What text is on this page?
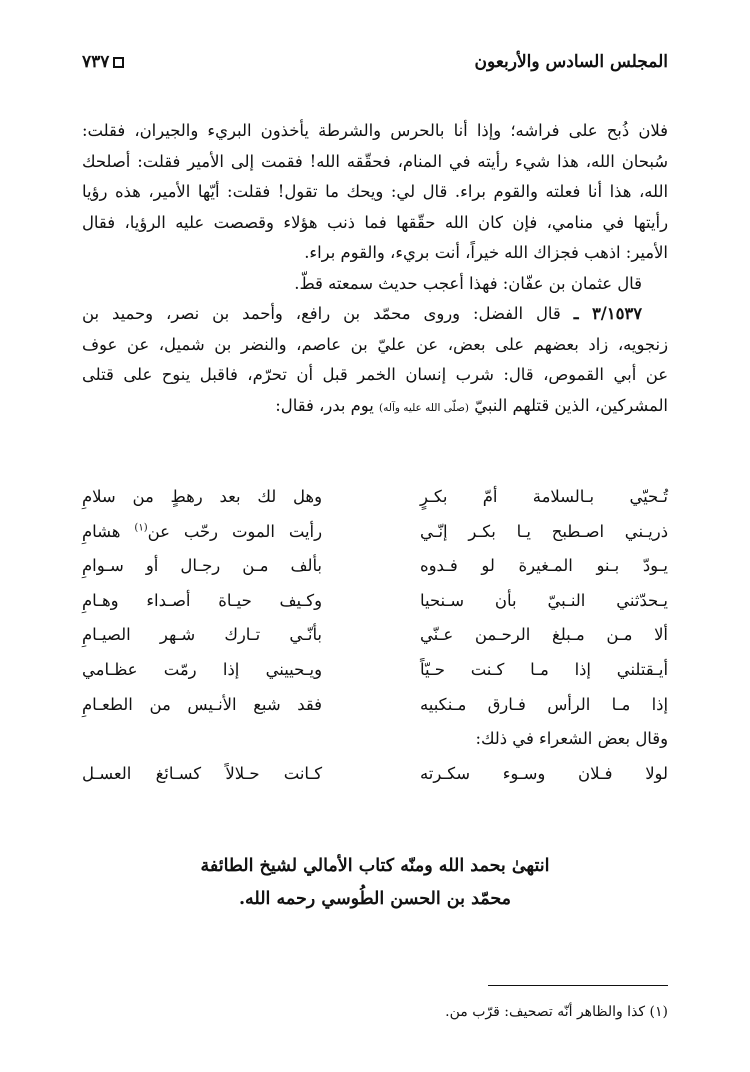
المجلس السادس والأربعون
٧٣٧
فلان ذُبح على فراشه؛ وإذا أنا بالحرس والشرطة يأخذون البريء والجيران، فقلت:
سُبحان الله، هذا شيء رأيته في المنام، فحقّقه الله! فقمت إلى الأمير فقلت: أصلحك
الله، هذا أنا فعلته والقوم براء. قال لي: ويحك ما تقول! فقلت: أيّها الأمير، هذه رؤيا
رأيتها في منامي، فإن كان الله حقّقها فما ذنب هؤلاء وقصصت عليه الرؤيا، فقال
الأمير: اذهب فجزاك الله خيراً، أنت بريء، والقوم براء.
قال عثمان بن عفّان: فهذا أعجب حديث سمعته قطّ.
٣/١٥٣٧ ـ قال الفضل: وروى محمّد بن رافع، وأحمد بن نصر، وحميد بن
زنجويه، زاد بعضهم على بعض، عن عليّ بن عاصم، والنضر بن شميل، عن عوف
عن أبي القموص، قال: شرب إنسان الخمر قبل أن تحرّم، فاقبل ينوح على قتلى
المشركين، الذين قتلهم النبيّ (صلّى الله عليه وآله) يوم بدر، فقال:
تُـحيّي بـالسلامة أمّ بكـرٍ
وهل لك بعد رهطٍ من سلامِ
ذريـني اصـطبح يـا بكـر إنّـي
رأيت الموت رحّب عن$^{(١)}$ هشامِ
يـودّ بـنو المـغيرة لو فـدوه
بألف مـن رجـال أو سـوامِ
يـحدّثني النـبيّ بأن سـنحيا
وكـيف حيـاة أصـداء وهـامِ
ألا مـن مـبلغ الرحـمن عـنّي
بأنّـي تـارك شـهر الصيـامِ
أيـقتلني إذا مـا كـنت حـيّاً
ويـحييني إذا رمّت عظـامي
إذا مـا الرأس فـارق مـنكبيه
فقد شبع الأنـيس من الطعـامِ
وقال بعض الشعراء في ذلك:
لولا فـلان وسـوء سكـرته
كـانت حـلالاً كسـائغ العسـل
انتهىٰ بحمد الله ومنّه كتاب الأمالي لشيخ الطائفة
محمّد بن الحسن الطُوسي رحمه الله.
(١) كذا والظاهر أنّه تصحيف: قرّب من.
